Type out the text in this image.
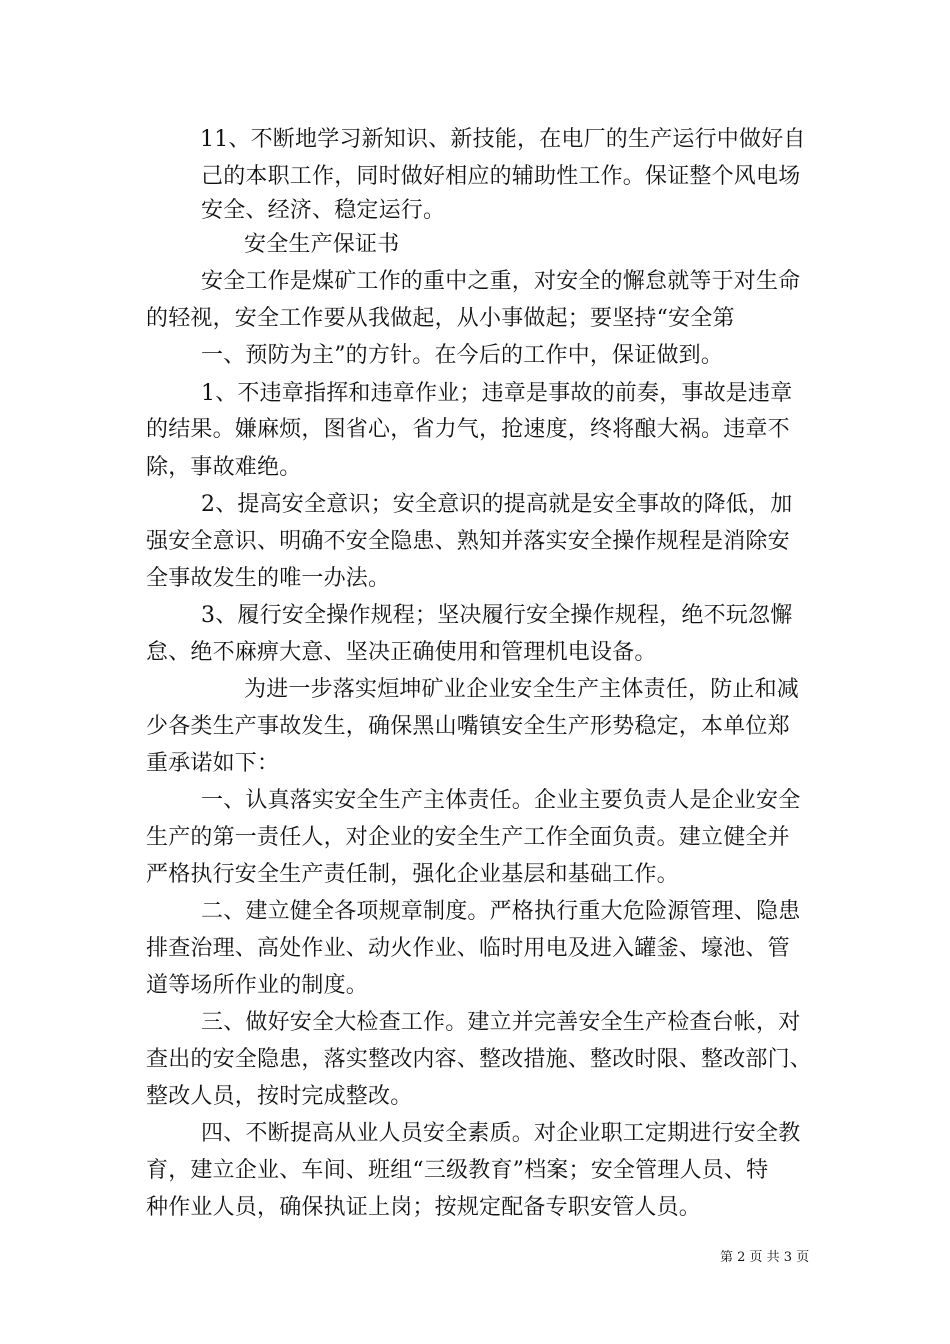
11、不断地学习新知识、新技能，在电厂的生产运行中做好自
己的本职工作，同时做好相应的辅助性工作。保证整个风电场
安全、经济、稳定运行。
安全生产保证书
安全工作是煤矿工作的重中之重，对安全的懈怠就等于对生命
的轻视，安全工作要从我做起，从小事做起；要坚持“安全第
一、预防为主”的方针。在今后的工作中，保证做到。
1、不违章指挥和违章作业；违章是事故的前奏，事故是违章
的结果。嫌麻烦，图省心，省力气，抢速度，终将酿大祸。违章不
除，事故难绝。
2、提高安全意识；安全意识的提高就是安全事故的降低，加
强安全意识、明确不安全隐患、熟知并落实安全操作规程是消除安
全事故发生的唯一办法。
3、履行安全操作规程；坚决履行安全操作规程，绝不玩忽懈
怠、绝不麻痹大意、坚决正确使用和管理机电设备。
为进一步落实烜坤矿业企业安全生产主体责任，防止和减
少各类生产事故发生，确保黑山嘴镇安全生产形势稳定，本单位郑
重承诺如下：
一、认真落实安全生产主体责任。企业主要负责人是企业安全
生产的第一责任人，对企业的安全生产工作全面负责。建立健全并
严格执行安全生产责任制，强化企业基层和基础工作。
二、建立健全各项规章制度。严格执行重大危险源管理、隐患
排查治理、高处作业、动火作业、临时用电及进入罐釜、壕池、管
道等场所作业的制度。
三、做好安全大检查工作。建立并完善安全生产检查台帐，对
查出的安全隐患，落实整改内容、整改措施、整改时限、整改部门、
整改人员，按时完成整改。
四、不断提高从业人员安全素质。对企业职工定期进行安全教
育，建立企业、车间、班组“三级教育”档案；安全管理人员、特
种作业人员，确保执证上岗；按规定配备专职安管人员。
第 2 页 共 3 页
